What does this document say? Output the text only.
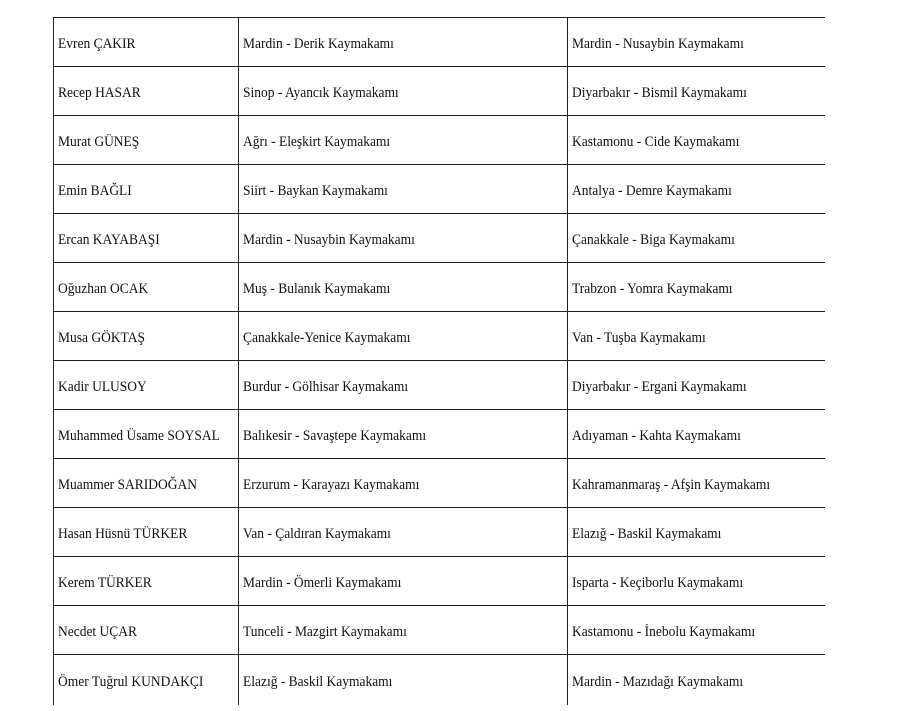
Evren ÇAKIR	Mardin - Derik Kaymakamı	Mardin - Nusaybin Kaymakamı
Recep HASAR	Sinop - Ayancık Kaymakamı	Diyarbakır - Bismil Kaymakamı
Murat GÜNEŞ	Ağrı - Eleşkirt Kaymakamı	Kastamonu - Cide Kaymakamı
Emin BAĞLI	Siirt - Baykan Kaymakamı	Antalya - Demre Kaymakamı
Ercan KAYABAŞI	Mardin - Nusaybin Kaymakamı	Çanakkale - Biga Kaymakamı
Oğuzhan OCAK	Muş - Bulanık Kaymakamı	Trabzon - Yomra Kaymakamı
Musa GÖKTAŞ	Çanakkale-Yenice Kaymakamı	Van - Tuşba Kaymakamı
Kadir ULUSOY	Burdur - Gölhisar Kaymakamı	Diyarbakır - Ergani Kaymakamı
Muhammed Üsame SOYSAL	Balıkesir - Savaştepe Kaymakamı	Adıyaman - Kahta Kaymakamı
Muammer SARIDOĞAN	Erzurum - Karayazı Kaymakamı	Kahramanmaraş - Afşin Kaymakamı
Hasan Hüsnü TÜRKER	Van - Çaldıran Kaymakamı	Elazığ - Baskil Kaymakamı
Kerem TÜRKER	Mardin - Ömerli Kaymakamı	Isparta - Keçiborlu Kaymakamı
Necdet UÇAR	Tunceli - Mazgirt Kaymakamı	Kastamonu - İnebolu Kaymakamı
Ömer Tuğrul KUNDAKÇI	Elazığ - Baskil Kaymakamı	Mardin - Mazıdağı Kaymakamı
